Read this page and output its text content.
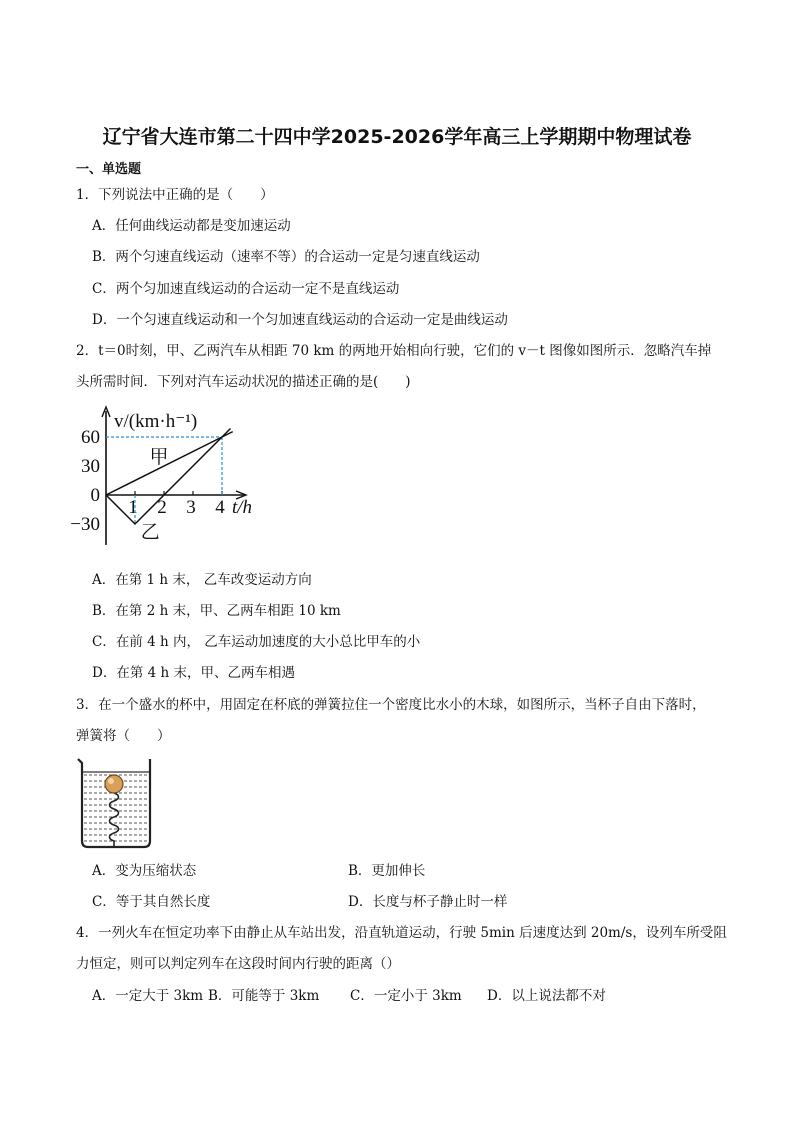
辽宁省大连市第二十四中学2025-2026学年高三上学期期中物理试卷
一、单选题
1．下列说法中正确的是（　　）
A．任何曲线运动都是变加速运动
B．两个匀速直线运动（速率不等）的合运动一定是匀速直线运动
C．两个匀加速直线运动的合运动一定不是直线运动
D．一个匀速直线运动和一个匀加速直线运动的合运动一定是曲线运动
2．t＝0时刻，甲、乙两汽车从相距 70 km 的两地开始相向行驶，它们的 v－t 图像如图所示．忽略汽车掉
头所需时间．下列对汽车运动状况的描述正确的是(　　)
v/(km·h⁻¹)
t/h
60
30
0
−30
1 2 3 4
甲
乙
A．在第 1 h 末， 乙车改变运动方向
B．在第 2 h 末，甲、乙两车相距 10 km
C．在前 4 h 内， 乙车运动加速度的大小总比甲车的小
D．在第 4 h 末，甲、乙两车相遇
3．在一个盛水的杯中，用固定在杯底的弹簧拉住一个密度比水小的木球，如图所示，当杯子自由下落时，
弹簧将（　　）
A．变为压缩状态	B．更加伸长
C．等于其自然长度	D．长度与杯子静止时一样
4．一列火车在恒定功率下由静止从车站出发，沿直轨道运动，行驶 5min 后速度达到 20m/s，设列车所受阻
力恒定，则可以判定列车在这段时间内行驶的距离（）
A．一定大于 3km B．可能等于 3km C．一定小于 3km D．以上说法都不对
